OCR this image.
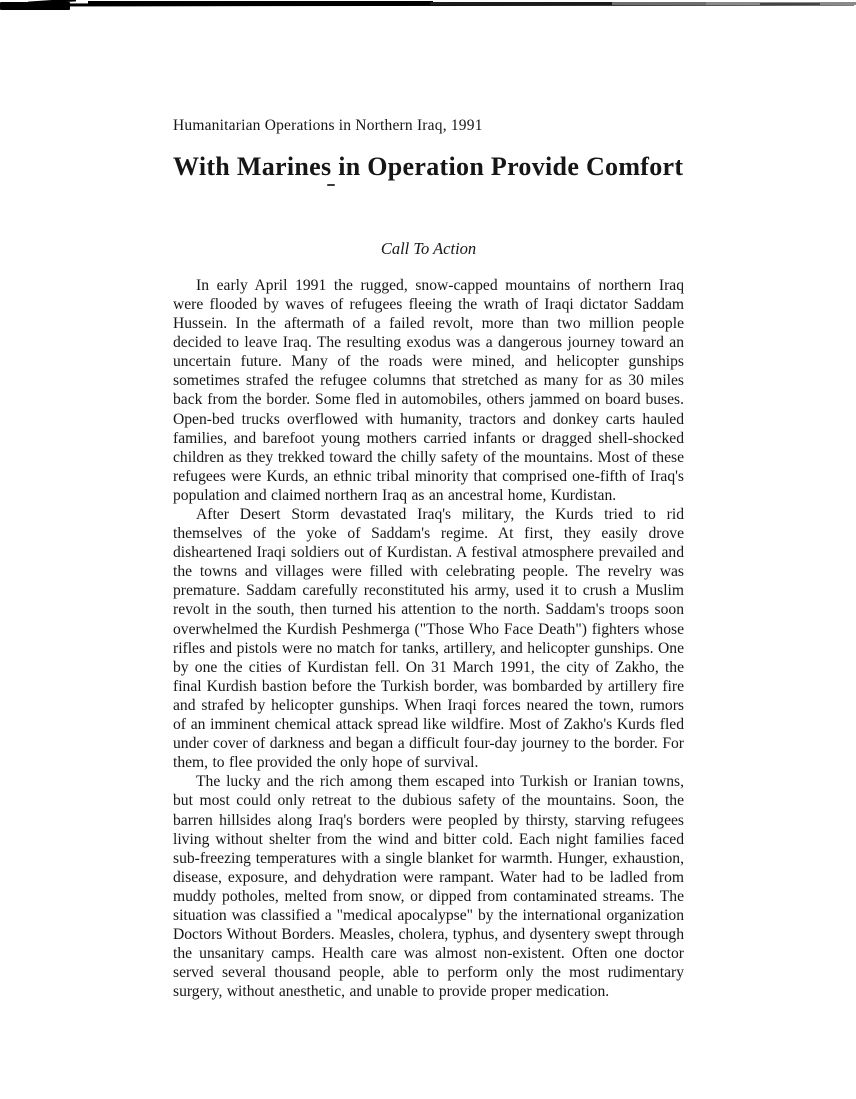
Humanitarian Operations in Northern Iraq, 1991
With Marines in Operation Provide Comfort
Call To Action

In early April 1991 the rugged, snow-capped mountains of northern Iraq were flooded by waves of refugees fleeing the wrath of Iraqi dictator Saddam Hussein. In the aftermath of a failed revolt, more than two million people decided to leave Iraq. The resulting exodus was a dangerous journey toward an uncertain future. Many of the roads were mined, and helicopter gunships sometimes strafed the refugee columns that stretched as many for as 30 miles back from the border. Some fled in automobiles, others jammed on board buses. Open-bed trucks overflowed with humanity, tractors and donkey carts hauled families, and barefoot young mothers carried infants or dragged shell-shocked children as they trekked toward the chilly safety of the mountains. Most of these refugees were Kurds, an ethnic tribal minority that comprised one-fifth of Iraq's population and claimed northern Iraq as an ancestral home, Kurdistan.

After Desert Storm devastated Iraq's military, the Kurds tried to rid themselves of the yoke of Saddam's regime. At first, they easily drove disheartened Iraqi soldiers out of Kurdistan. A festival atmosphere prevailed and the towns and villages were filled with celebrating people. The revelry was premature. Saddam carefully reconstituted his army, used it to crush a Muslim revolt in the south, then turned his attention to the north. Saddam's troops soon overwhelmed the Kurdish Peshmerga ("Those Who Face Death") fighters whose rifles and pistols were no match for tanks, artillery, and helicopter gunships. One by one the cities of Kurdistan fell. On 31 March 1991, the city of Zakho, the final Kurdish bastion before the Turkish border, was bombarded by artillery fire and strafed by helicopter gunships. When Iraqi forces neared the town, rumors of an imminent chemical attack spread like wildfire. Most of Zakho's Kurds fled under cover of darkness and began a difficult four-day journey to the border. For them, to flee provided the only hope of survival.

The lucky and the rich among them escaped into Turkish or Iranian towns, but most could only retreat to the dubious safety of the mountains. Soon, the barren hillsides along Iraq's borders were peopled by thirsty, starving refugees living without shelter from the wind and bitter cold. Each night families faced sub-freezing temperatures with a single blanket for warmth. Hunger, exhaustion, disease, exposure, and dehydration were rampant. Water had to be ladled from muddy potholes, melted from snow, or dipped from contaminated streams. The situation was classified a "medical apocalypse" by the international organization Doctors Without Borders. Measles, cholera, typhus, and dysentery swept through the unsanitary camps. Health care was almost non-existent. Often one doctor served several thousand people, able to perform only the most rudimentary surgery, without anesthetic, and unable to provide proper medication.
